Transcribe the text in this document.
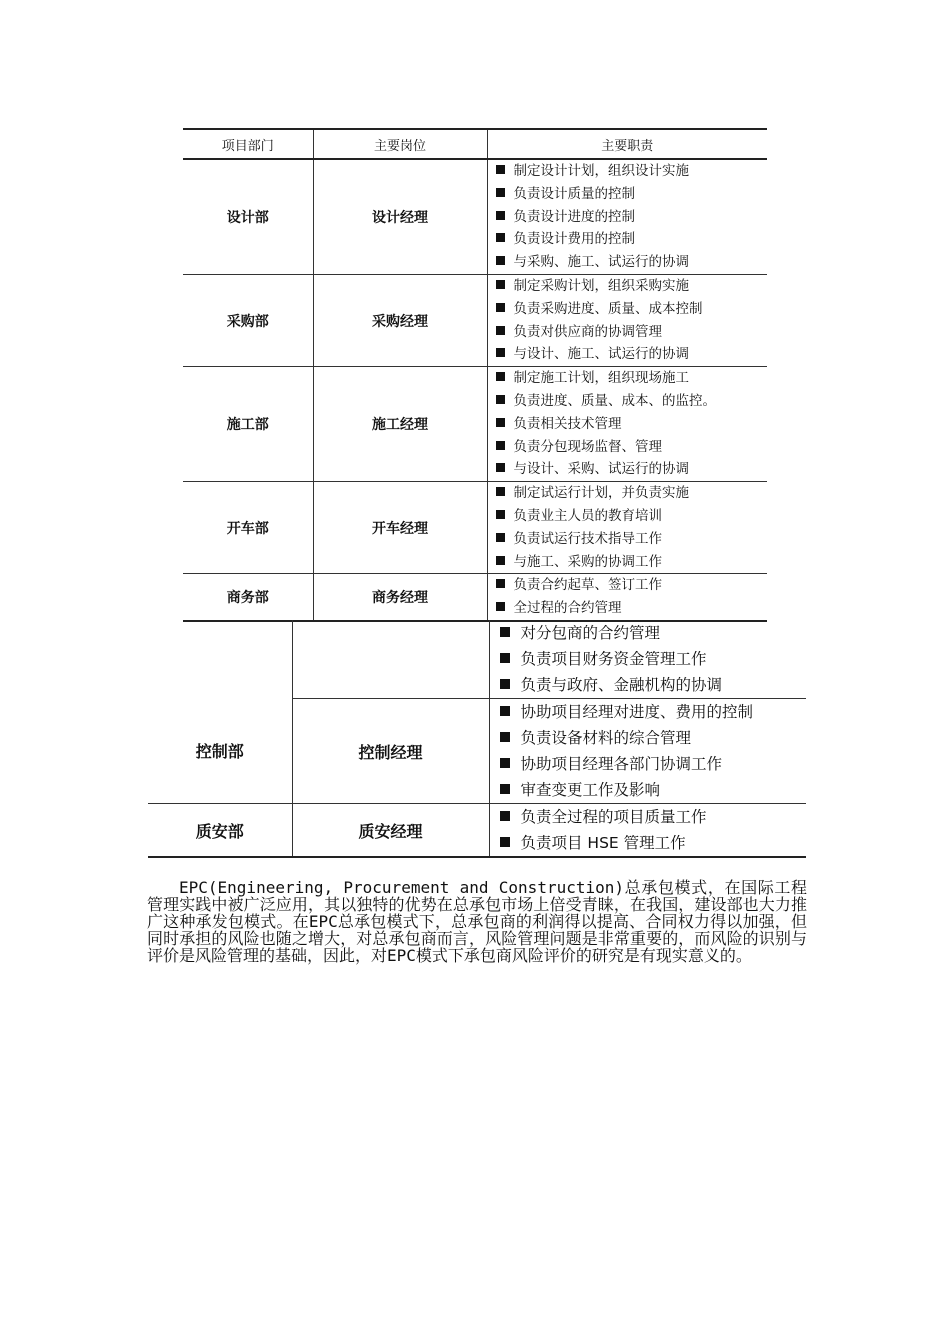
项目部门	主要岗位	主要职责
设计部	设计经理	制定设计计划，组织设计实施
负责设计质量的控制
负责设计进度的控制
负责设计费用的控制
与采购、施工、试运行的协调

采购部	采购经理	制定采购计划，组织采购实施
负责采购进度、质量、成本控制
负责对供应商的协调管理
与设计、施工、试运行的协调

施工部	施工经理	制定施工计划，组织现场施工
负责进度、质量、成本、的监控。
负责相关技术管理
负责分包现场监督、管理
与设计、采购、试运行的协调

开车部	开车经理	制定试运行计划，并负责实施
负责业主人员的教育培训
负责试运行技术指导工作
与施工、采购的协调工作

商务部	商务经理	负责合约起草、签订工作
全过程的合约管理

		对分包商的合约管理
负责项目财务资金管理工作
负责与政府、金融机构的协调

控制部	控制经理	协助项目经理对进度、费用的控制
负责设备材料的综合管理
协助项目经理各部门协调工作
审查变更工作及影响

质安部	质安经理	负责全过程的项目质量工作
负责项目 HSE 管理工作

EPC(Engineering, Procurement and Construction)总承包模式，在国际工程管理实践中被广泛应用，其以独特的优势在总承包市场上倍受青睐，在我国，建设部也大力推广这种承发包模式。在EPC总承包模式下，总承包商的利润得以提高、合同权力得以加强，但同时承担的风险也随之增大，对总承包商而言，风险管理问题是非常重要的，而风险的识别与评价是风险管理的基础，因此，对EPC模式下承包商风险评价的研究是有现实意义的。
